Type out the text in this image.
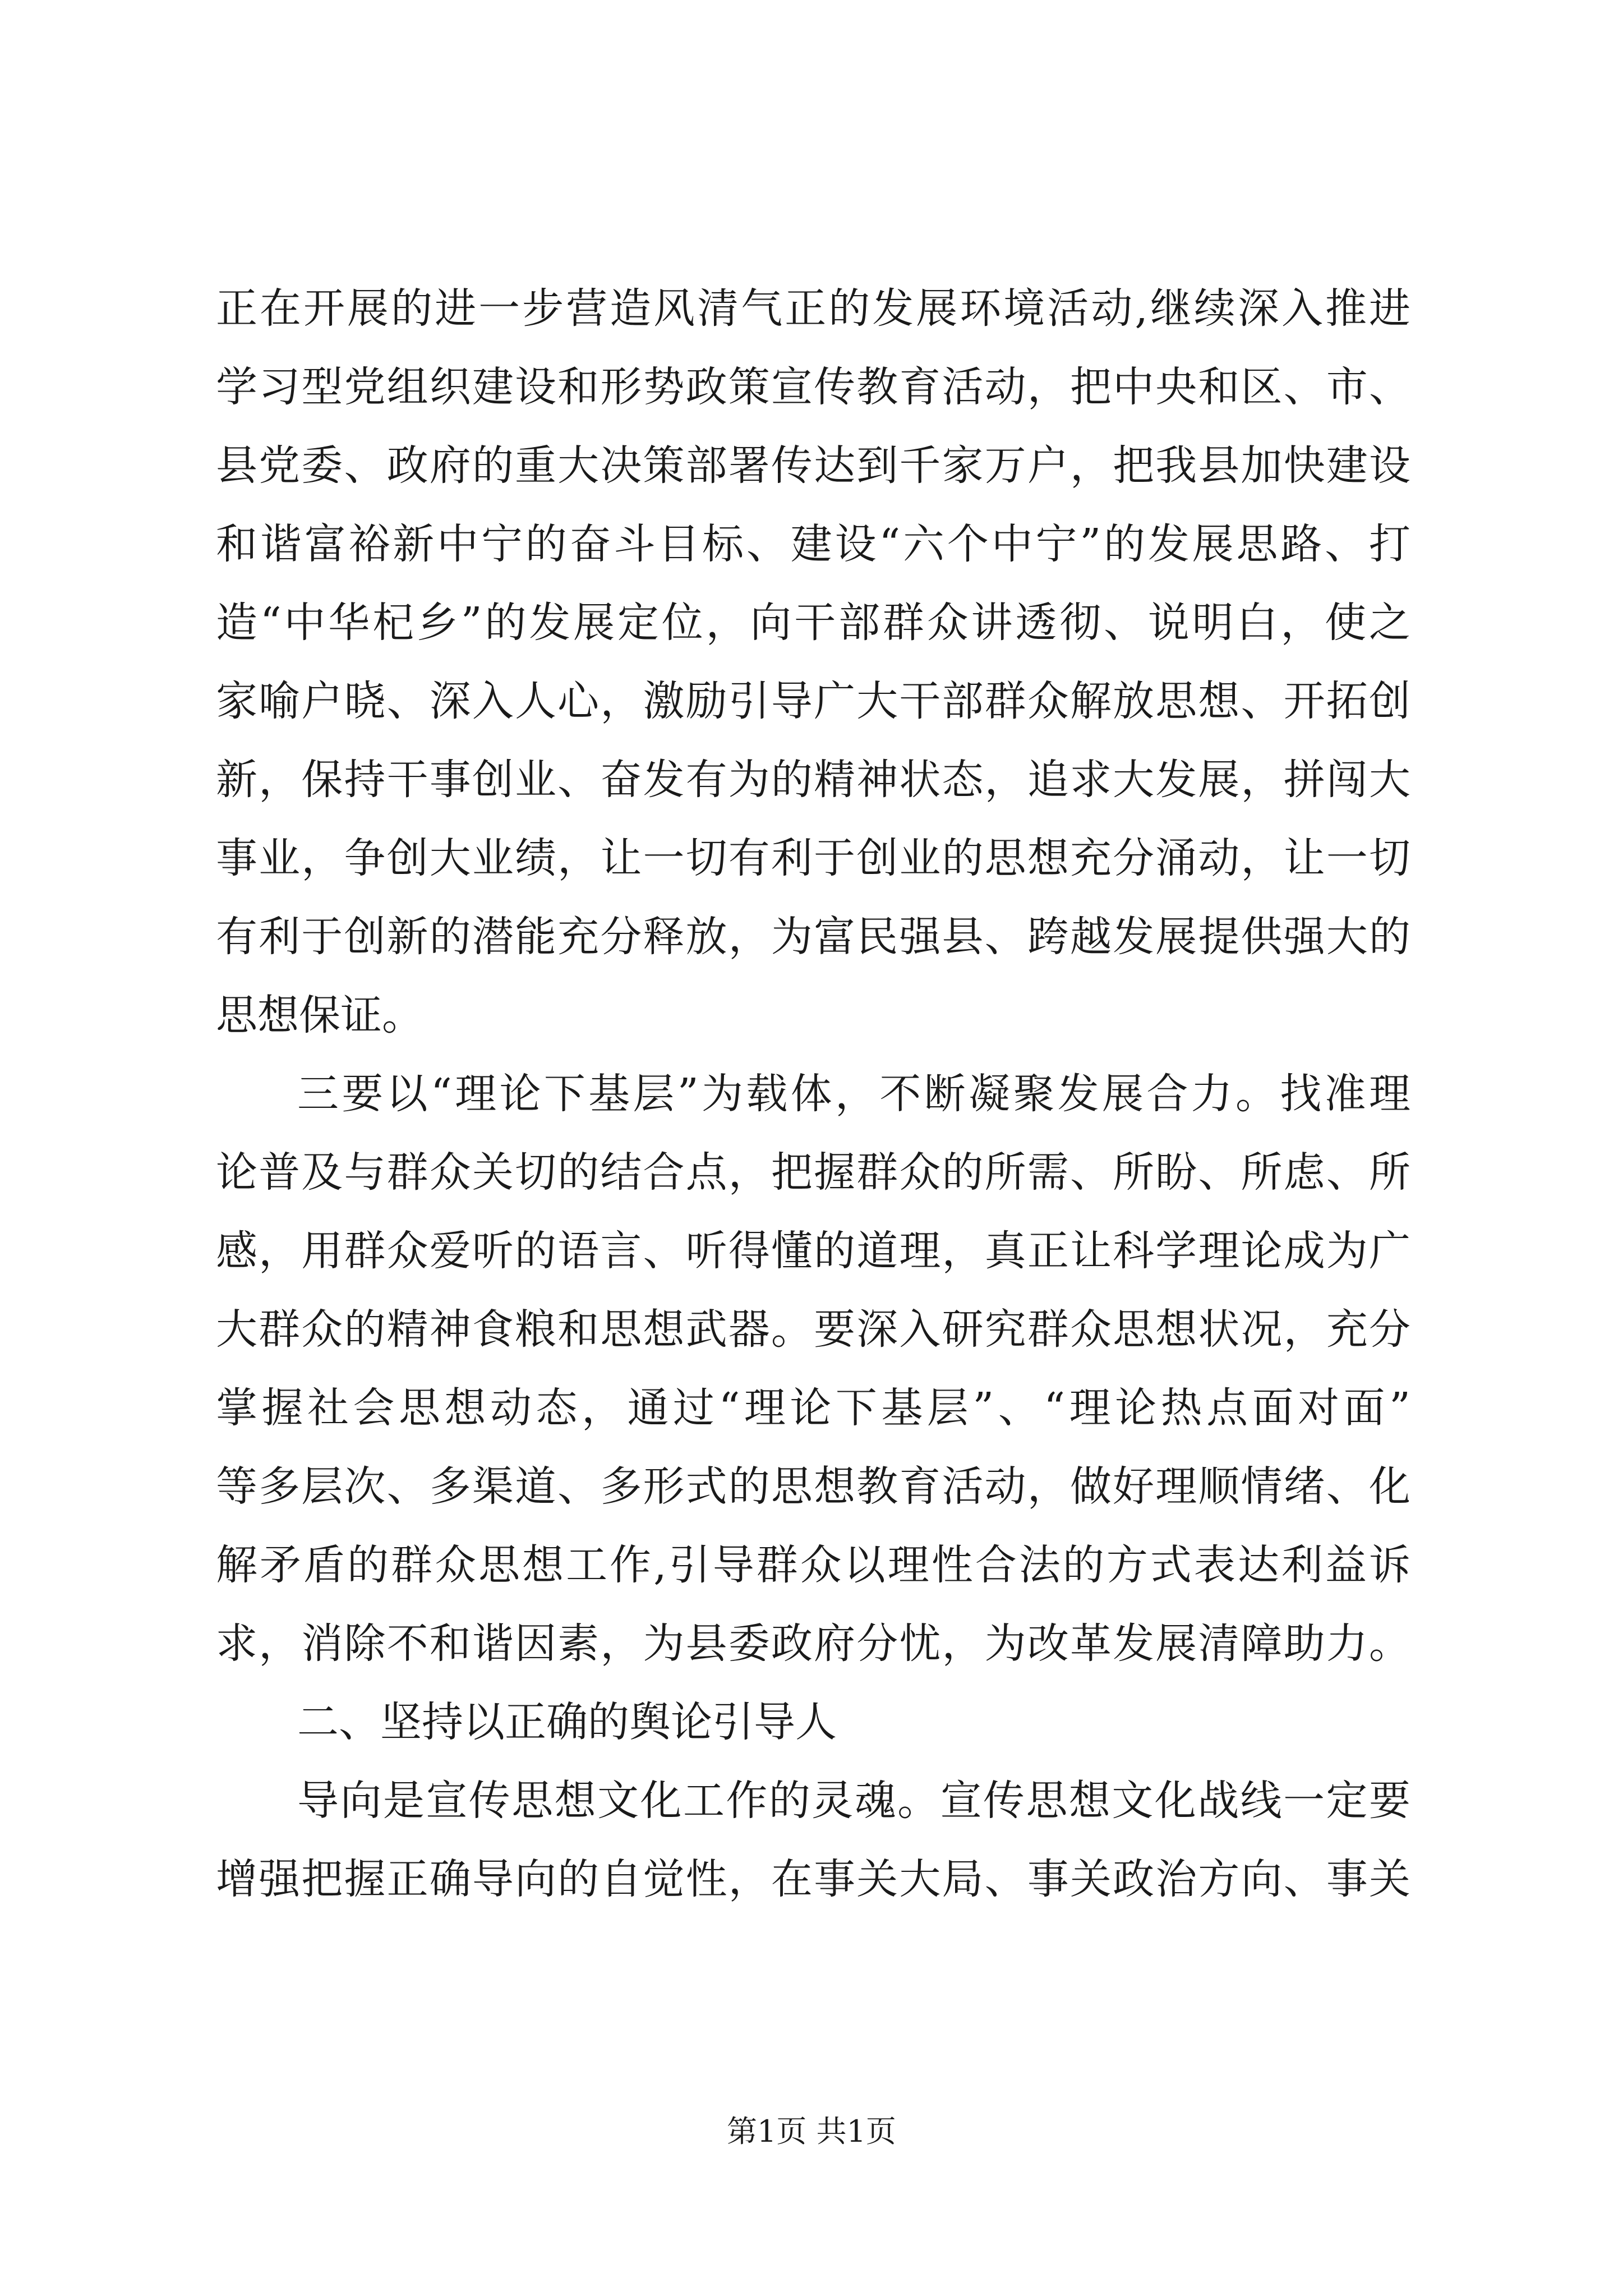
正在开展的进一步营造风清气正的发展环境活动,继续深入推进
学习型党组织建设和形势政策宣传教育活动，把中央和区、市、
县党委、政府的重大决策部署传达到千家万户，把我县加快建设
和谐富裕新中宁的奋斗目标、建设“六个中宁”的发展思路、打
造“中华杞乡”的发展定位，向干部群众讲透彻、说明白，使之
家喻户晓、深入人心，激励引导广大干部群众解放思想、开拓创
新，保持干事创业、奋发有为的精神状态，追求大发展，拼闯大
事业，争创大业绩，让一切有利于创业的思想充分涌动，让一切
有利于创新的潜能充分释放，为富民强县、跨越发展提供强大的
思想保证。
三要以“理论下基层”为载体，不断凝聚发展合力。找准理
论普及与群众关切的结合点，把握群众的所需、所盼、所虑、所
感，用群众爱听的语言、听得懂的道理，真正让科学理论成为广
大群众的精神食粮和思想武器。要深入研究群众思想状况，充分
掌握社会思想动态，通过“理论下基层”、“理论热点面对面”
等多层次、多渠道、多形式的思想教育活动，做好理顺情绪、化
解矛盾的群众思想工作,引导群众以理性合法的方式表达利益诉
求，消除不和谐因素，为县委政府分忧，为改革发展清障助力。
二、坚持以正确的舆论引导人
导向是宣传思想文化工作的灵魂。宣传思想文化战线一定要
增强把握正确导向的自觉性，在事关大局、事关政治方向、事关
第1页 共1页
